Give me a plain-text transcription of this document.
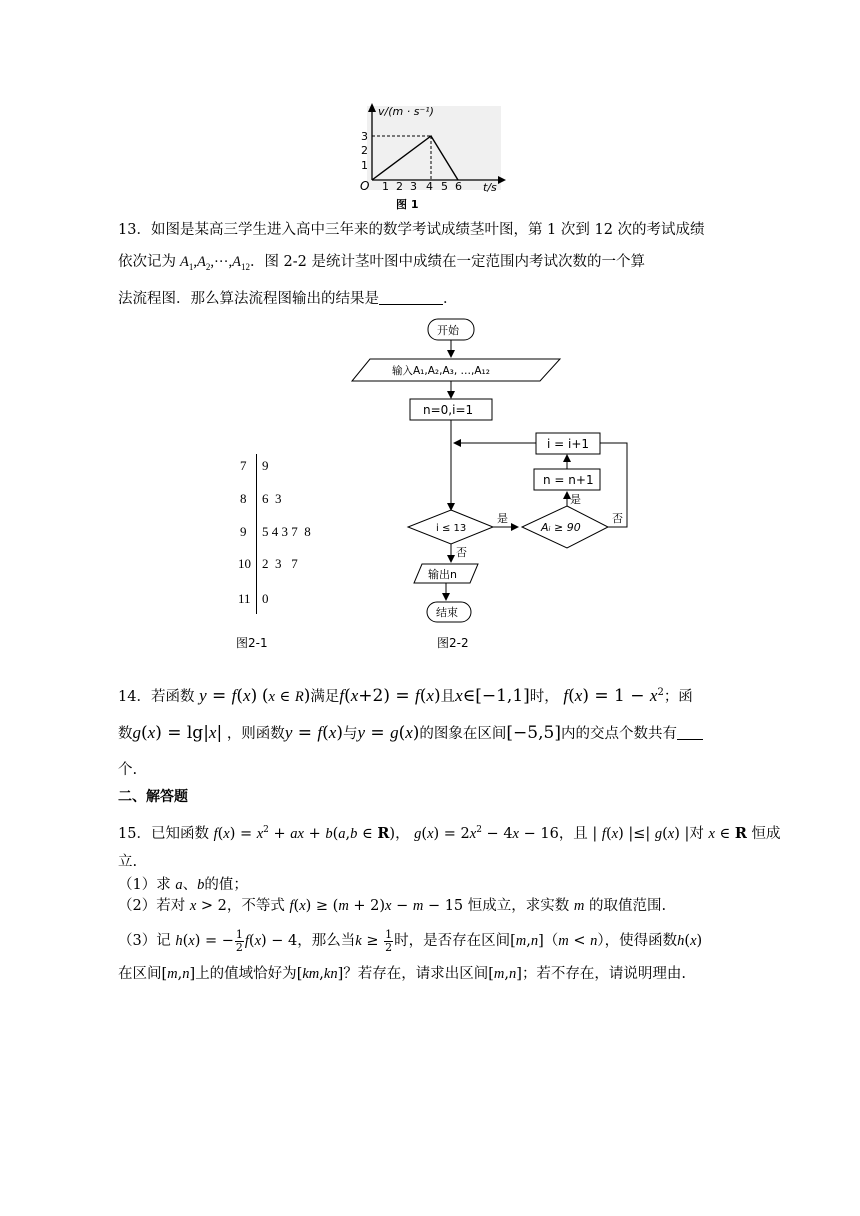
v/(m · s⁻¹)
3
2
1
O 1 2 3 4 5 6 t/s
图 1
13．如图是某高三学生进入高中三年来的数学考试成绩茎叶图，第 1 次到 12 次的考试成绩
依次记为 $A_1,A_2,\cdot\cdot\cdot,A_{12}$．图 2-2 是统计茎叶图中成绩在一定范围内考试次数的一个算
法流程图．那么算法流程图输出的结果是	．
7 9
8 6  3
9 5 4 3 7  8
10 2  3   7
11 0
图2-1
开始
输入A₁,A₂,A₃, …,A₁₂
n=0,i=1
i = i+1
n = n+1
i ≤ 13	Aᵢ ≥ 90
是
是
否
否
输出n
结束
图2-2
14．若函数 y = f(x) (x ∈ R)满足f(x+2) = f(x)且x∈[−1,1]时， $f(x) = 1 - x^2$；函
数g(x) = lg|x| ，则函数y = f(x)与y = g(x)的图象在区间[−5,5]内的交点个数共有
个.
二、解答题
15．已知函数 $f(x) = x^2$ + ax + b(a,b ∈ R)， $g(x) = 2x^2 - 4x - 16$，且 | f(x) |≤| g(x) |对 x ∈ R 恒成
立.
（1）求 a、b的值；
（2）若对 x > 2，不等式 f(x) ≥ (m + 2)x − m − 15 恒成立，求实数 m 的取值范围.
（3）记 h(x) = − $\frac{1}{2} f(x) - 4$，那么当$k \ge \frac{1}{2}$ 时，是否存在区间[m,n]（m < n），使得函数h(x)
在区间[m,n]上的值域恰好为[km,kn]？若存在，请求出区间[m,n]；若不存在，请说明理由.
